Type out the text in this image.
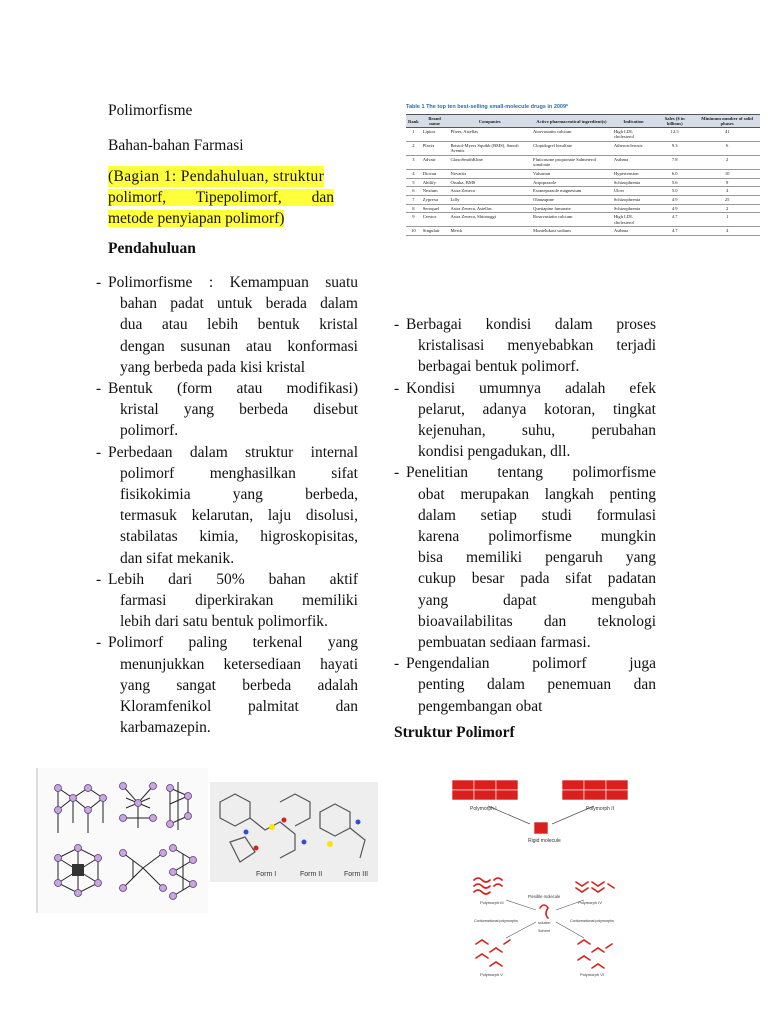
Polimorfisme
Bahan-bahan Farmasi
(Bagian 1: Pendahuluan, struktur
polimorf, Tipepolimorf, dan
metode penyiapan polimorf)
Pendahuluan
- Polimorfisme : Kemampuan suatu
bahan padat untuk berada dalam
dua atau lebih bentuk kristal
dengan susunan atau konformasi
yang berbeda pada kisi kristal
- Bentuk (form atau modifikasi)
kristal yang berbeda disebut
polimorf.
- Perbedaan dalam struktur internal
polimorf menghasilkan sifat
fisikokimia yang berbeda,
termasuk kelarutan, laju disolusi,
stabilatas kimia, higroskopisitas,
dan sifat mekanik.
- Lebih dari 50% bahan aktif
farmasi diperkirakan memiliki
lebih dari satu bentuk polimorfik.
- Polimorf paling terkenal yang
menunjukkan ketersediaan hayati
yang sangat berbeda adalah
Kloramfenikol palmitat dan
karbamazepin.
- Berbagai kondisi dalam proses
kristalisasi menyebabkan terjadi
berbagai bentuk polimorf.
- Kondisi umumnya adalah efek
pelarut, adanya kotoran, tingkat
kejenuhan, suhu, perubahan
kondisi pengadukan, dll.
- Penelitian tentang polimorfisme
obat merupakan langkah penting
dalam setiap studi formulasi
karena polimorfisme mungkin
bisa memiliki pengaruh yang
cukup besar pada sifat padatan
yang dapat mengubah
bioavailabilitas dan teknologi
pembuatan sediaan farmasi.
- Pengendalian polimorf juga
penting dalam penemuan dan
pengembangan obat
Struktur Polimorf
Table 1 The top ten best-selling small-molecule drugs in 2009ª
Rank	Brand name	Companies	Active pharmaceutical ingredient(s)	Indication	Sales ($ in billions)	Minimum number of solid phases
1	Lipitor	Pfizer, Astellas	Atorvastatin calcium	High LDL cholesterol	12.5	41
2	Plavix	Bristol-Myers Squibb (BMS), Sanofi Aventis	Clopidogrel bisulfate	Atherosclerosis	9.3	6
3	Advair	GlaxoSmithKline	Fluticasone propionate Salmeterol xinafoate	Asthma	7.8	2
4	Diovan	Novartis	Valsartan	Hypertension	6.0	10
5	Abilify	Otsuka, BMS	Aripiprazole	Schizophrenia	5.6	9
6	Nexium	Astra Zeneca	Esomeprazole magnesium	Ulcer	5.0	4
7	Zyprexa	Lilly	Olanzapine	Schizophrenia	4.9	25
8	Seroquel	Astra Zeneca, Astellas	Quetiapine fumarate	Schizophrenia	4.9	2
9	Crestor	Astra Zeneca, Shionoggi	Rosuvastatin calcium	High LDL cholesterol	4.7	1
10	Singulair	Merck	Montelukast sodium	Asthma	4.7	4
Form I	Form II	Form III
Polymorph I	Polymorph II
Rigid molecule
Flexible molecule
Polymorph III	Polymorph IV
Conformational polymorphs	Conformational polymorphs
solution
Solvent
Polymorph V	Polymorph VI
